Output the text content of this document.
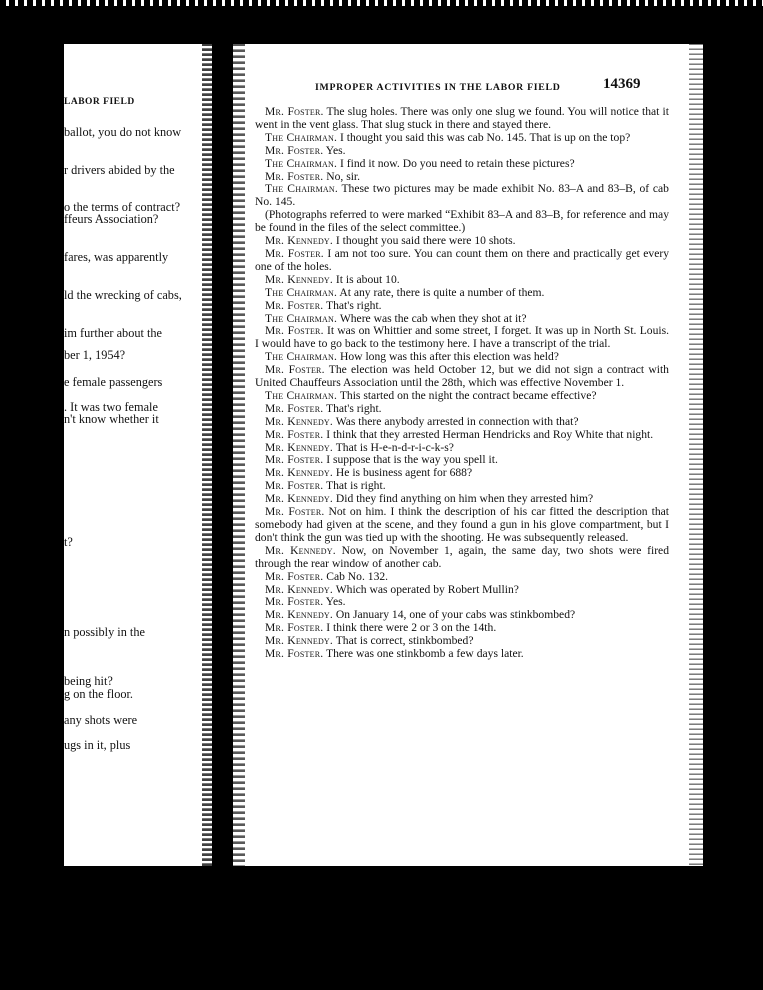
LABOR FIELD
ballot, you do not know
r drivers abided by the
o the terms of contract?
ffeurs Association?
fares, was apparently
ld the wrecking of cabs,
im further about the
ber 1, 1954?
e female passengers
. It was two female
n't know whether it
t?
n possibly in the
being hit?
g on the floor.
any shots were
ugs in it, plus
IMPROPER ACTIVITIES IN THE LABOR FIELD	14369

Mr. Foster. The slug holes. There was only one slug we found. You will notice that it went in the vent glass. That slug stuck in there and stayed there.

The Chairman. I thought you said this was cab No. 145. That is up on the top?

Mr. Foster. Yes.

The Chairman. I find it now. Do you need to retain these pictures?

Mr. Foster. No, sir.

The Chairman. These two pictures may be made exhibit No. 83–A and 83–B, of cab No. 145.

(Photographs referred to were marked “Exhibit 83–A and 83–B, for reference and may be found in the files of the select committee.)

Mr. Kennedy. I thought you said there were 10 shots.

Mr. Foster. I am not too sure. You can count them on there and practically get every one of the holes.

Mr. Kennedy. It is about 10.

The Chairman. At any rate, there is quite a number of them.

Mr. Foster. That's right.

The Chairman. Where was the cab when they shot at it?

Mr. Foster. It was on Whittier and some street, I forget. It was up in North St. Louis. I would have to go back to the testimony here. I have a transcript of the trial.

The Chairman. How long was this after this election was held?

Mr. Foster. The election was held October 12, but we did not sign a contract with United Chauffeurs Association until the 28th, which was effective November 1.

The Chairman. This started on the night the contract became effective?

Mr. Foster. That's right.

Mr. Kennedy. Was there anybody arrested in connection with that?

Mr. Foster. I think that they arrested Herman Hendricks and Roy White that night.

Mr. Kennedy. That is H-e-n-d-r-i-c-k-s?

Mr. Foster. I suppose that is the way you spell it.

Mr. Kennedy. He is business agent for 688?

Mr. Foster. That is right.

Mr. Kennedy. Did they find anything on him when they arrested him?

Mr. Foster. Not on him. I think the description of his car fitted the description that somebody had given at the scene, and they found a gun in his glove compartment, but I don't think the gun was tied up with the shooting. He was subsequently released.

Mr. Kennedy. Now, on November 1, again, the same day, two shots were fired through the rear window of another cab.

Mr. Foster. Cab No. 132.

Mr. Kennedy. Which was operated by Robert Mullin?

Mr. Foster. Yes.

Mr. Kennedy. On January 14, one of your cabs was stinkbombed?

Mr. Foster. I think there were 2 or 3 on the 14th.

Mr. Kennedy. That is correct, stinkbombed?

Mr. Foster. There was one stinkbomb a few days later.
